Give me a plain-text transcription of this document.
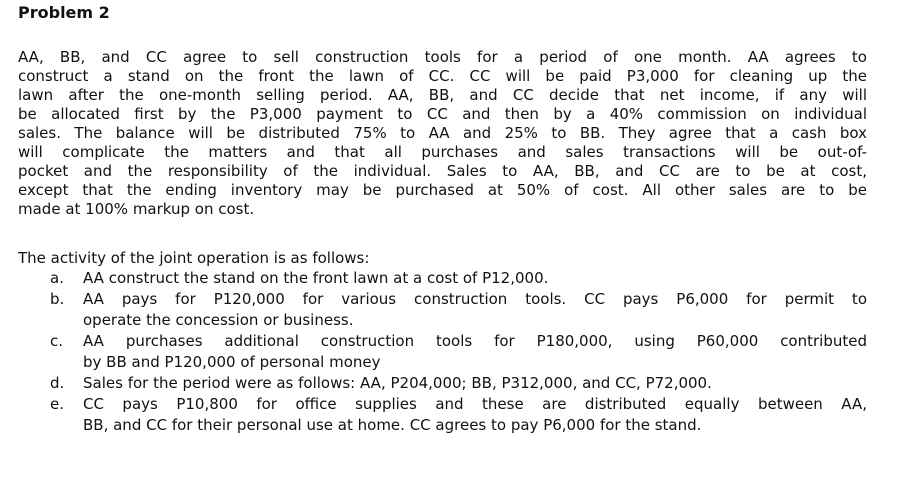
Problem 2
AA, BB, and CC agree to sell construction tools for a period of one month. AA agrees to
construct a stand on the front the lawn of CC. CC will be paid P3,000 for cleaning up the
lawn after the one-month selling period. AA, BB, and CC decide that net income, if any will
be allocated first by the P3,000 payment to CC and then by a 40% commission on individual
sales. The balance will be distributed 75% to AA and 25% to BB. They agree that a cash box
will complicate the matters and that all purchases and sales transactions will be out-of-
pocket and the responsibility of the individual. Sales to AA, BB, and CC are to be at cost,
except that the ending inventory may be purchased at 50% of cost. All other sales are to be
made at 100% markup on cost.
The activity of the joint operation is as follows:
a.	AA construct the stand on the front lawn at a cost of P12,000.
b.	AA pays for P120,000 for various construction tools. CC pays P6,000 for permit to
operate the concession or business.
c.	AA purchases additional construction tools for P180,000, using P60,000 contributed
by BB and P120,000 of personal money
d.	Sales for the period were as follows: AA, P204,000; BB, P312,000, and CC, P72,000.
e.	CC pays P10,800 for office supplies and these are distributed equally between AA,
BB, and CC for their personal use at home. CC agrees to pay P6,000 for the stand.
